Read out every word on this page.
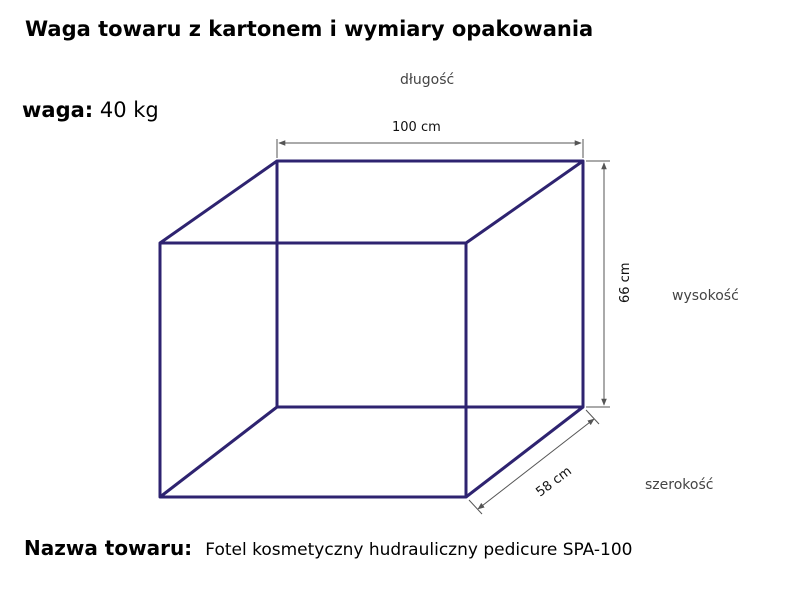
Waga towaru z kartonem i wymiary opakowania
waga: 40 kg
długość
100 cm
66 cm	wysokość
58 cm	szerokość
Nazwa towaru: Fotel kosmetyczny hudrauliczny pedicure SPA-100
